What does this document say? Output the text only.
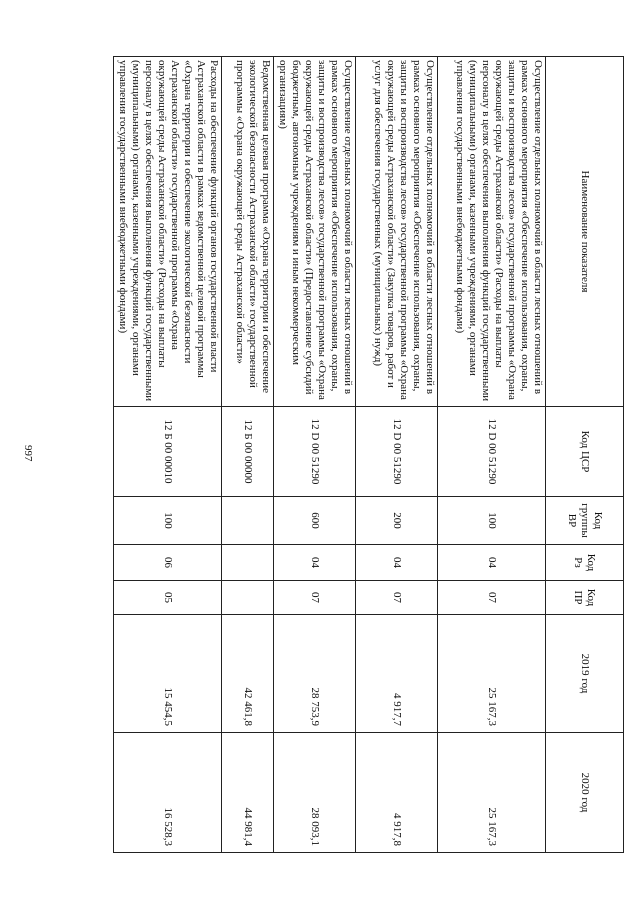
997
Наименование показателя	Код ЦСР	Код группы ВР	Код Рз	Код ПР	2019 год	2020 год
Осуществление отдельных полномочий в области лесных отношений в рамках основного мероприятия «Обеспечение использования, охраны, защиты и воспроизводства лесов» государственной программы «Охрана окружающей среды Астраханской области» (Расходы на выплаты персоналу в целях обеспечения выполнения функций государственными (муниципальными) органами, казенными учреждениями, органами управления государственными внебюджетными фондами)	12 D 00 51290	100	04	07	25 167,3	25 167,3
Осуществление отдельных полномочий в области лесных отношений в рамках основного мероприятия «Обеспечение использования, охраны, защиты и воспроизводства лесов» государственной программы «Охрана окружающей среды Астраханской области» (Закупка товаров, работ и услуг для обеспечения государственных (муниципальных) нужд)	12 D 00 51290	200	04	07	4 917,7	4 917,8
Осуществление отдельных полномочий в области лесных отношений в рамках основного мероприятия «Обеспечение использования, охраны, защиты и воспроизводства лесов» государственной программы «Охрана окружающей среды Астраханской области» (Предоставление субсидий бюджетным, автономным учреждениям и иным некоммерческим организациям)	12 D 00 51290	600	04	07	28 753,9	28 093,1
Ведомственная целевая программа «Охрана территории и обеспечение экологической безопасности Астраханской области» государственной программы «Охрана окружающей среды Астраханской области»	12 Б 00 00000				42 461,8	44 981,4
Расходы на обеспечение функций органов государственной власти Астраханской области в рамках ведомственной целевой программы «Охрана территории и обеспечение экологической безопасности Астраханской области» государственной программы «Охрана окружающей среды Астраханской области» (Расходы на выплаты персоналу в целях обеспечения выполнения функций государственными (муниципальными) органами, казенными учреждениями, органами управления государственными внебюджетными фондами)	12 Б 00 00010	100	06	05	15 454,5	16 528,3
